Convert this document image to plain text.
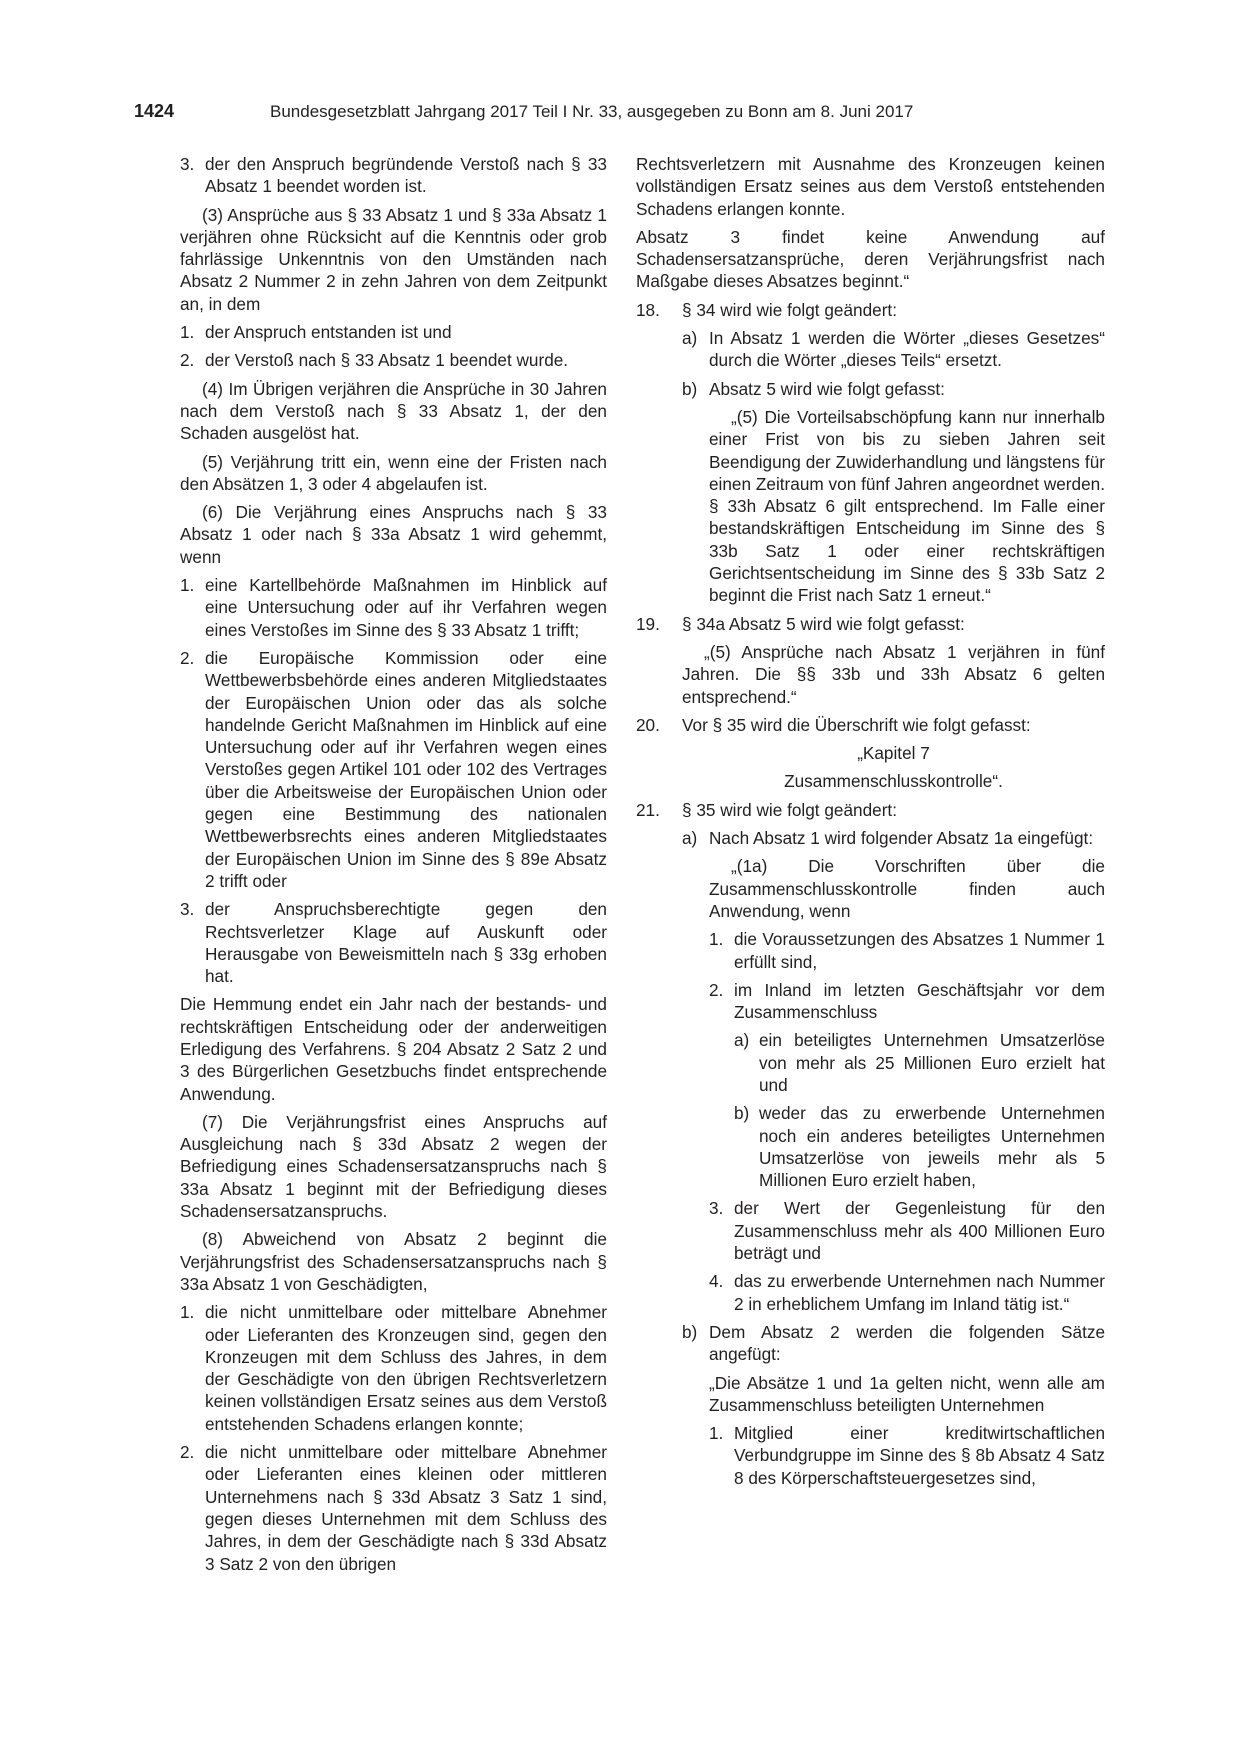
1424	Bundesgesetzblatt Jahrgang 2017 Teil I Nr. 33, ausgegeben zu Bonn am 8. Juni 2017
3. der den Anspruch begründende Verstoß nach § 33 Absatz 1 beendet worden ist.

(3) Ansprüche aus § 33 Absatz 1 und § 33a Absatz 1 verjähren ohne Rücksicht auf die Kenntnis oder grob fahrlässige Unkenntnis von den Umständen nach Absatz 2 Nummer 2 in zehn Jahren von dem Zeitpunkt an, in dem

1. der Anspruch entstanden ist und
2. der Verstoß nach § 33 Absatz 1 beendet wurde.

(4) Im Übrigen verjähren die Ansprüche in 30 Jahren nach dem Verstoß nach § 33 Absatz 1, der den Schaden ausgelöst hat.

(5) Verjährung tritt ein, wenn eine der Fristen nach den Absätzen 1, 3 oder 4 abgelaufen ist.

(6) Die Verjährung eines Anspruchs nach § 33 Absatz 1 oder nach § 33a Absatz 1 wird gehemmt, wenn

1. eine Kartellbehörde Maßnahmen im Hinblick auf eine Untersuchung oder auf ihr Verfahren wegen eines Verstoßes im Sinne des § 33 Absatz 1 trifft;
2. die Europäische Kommission oder eine Wettbewerbsbehörde eines anderen Mitgliedstaates der Europäischen Union oder das als solche handelnde Gericht Maßnahmen im Hinblick auf eine Untersuchung oder auf ihr Verfahren wegen eines Verstoßes gegen Artikel 101 oder 102 des Vertrages über die Arbeitsweise der Europäischen Union oder gegen eine Bestimmung des nationalen Wettbewerbsrechts eines anderen Mitgliedstaates der Europäischen Union im Sinne des § 89e Absatz 2 trifft oder
3. der Anspruchsberechtigte gegen den Rechtsverletzer Klage auf Auskunft oder Herausgabe von Beweismitteln nach § 33g erhoben hat.

Die Hemmung endet ein Jahr nach der bestands- und rechtskräftigen Entscheidung oder der anderweitigen Erledigung des Verfahrens. § 204 Absatz 2 Satz 2 und 3 des Bürgerlichen Gesetzbuchs findet entsprechende Anwendung.

(7) Die Verjährungsfrist eines Anspruchs auf Ausgleichung nach § 33d Absatz 2 wegen der Befriedigung eines Schadensersatzanspruchs nach § 33a Absatz 1 beginnt mit der Befriedigung dieses Schadensersatzanspruchs.

(8) Abweichend von Absatz 2 beginnt die Verjährungsfrist des Schadensersatzanspruchs nach § 33a Absatz 1 von Geschädigten,

1. die nicht unmittelbare oder mittelbare Abnehmer oder Lieferanten des Kronzeugen sind, gegen den Kronzeugen mit dem Schluss des Jahres, in dem der Geschädigte von den übrigen Rechtsverletzern keinen vollständigen Ersatz seines aus dem Verstoß entstehenden Schadens erlangen konnte;
2. die nicht unmittelbare oder mittelbare Abnehmer oder Lieferanten eines kleinen oder mittleren Unternehmens nach § 33d Absatz 3 Satz 1 sind, gegen dieses Unternehmen mit dem Schluss des Jahres, in dem der Geschädigte nach § 33d Absatz 3 Satz 2 von den übrigen

Rechtsverletzern mit Ausnahme des Kronzeugen keinen vollständigen Ersatz seines aus dem Verstoß entstehenden Schadens erlangen konnte.

Absatz 3 findet keine Anwendung auf Schadensersatzansprüche, deren Verjährungsfrist nach Maßgabe dieses Absatzes beginnt.“

18. § 34 wird wie folgt geändert:

a) In Absatz 1 werden die Wörter „dieses Gesetzes“ durch die Wörter „dieses Teils“ ersetzt.
b) Absatz 5 wird wie folgt gefasst:

„(5) Die Vorteilsabschöpfung kann nur innerhalb einer Frist von bis zu sieben Jahren seit Beendigung der Zuwiderhandlung und längstens für einen Zeitraum von fünf Jahren angeordnet werden. § 33h Absatz 6 gilt entsprechend. Im Falle einer bestandskräftigen Entscheidung im Sinne des § 33b Satz 1 oder einer rechtskräftigen Gerichtsentscheidung im Sinne des § 33b Satz 2 beginnt die Frist nach Satz 1 erneut.“

19. § 34a Absatz 5 wird wie folgt gefasst:

„(5) Ansprüche nach Absatz 1 verjähren in fünf Jahren. Die §§ 33b und 33h Absatz 6 gelten entsprechend.“

20. Vor § 35 wird die Überschrift wie folgt gefasst:

„Kapitel 7

Zusammenschlusskontrolle“.

21. § 35 wird wie folgt geändert:

a) Nach Absatz 1 wird folgender Absatz 1a eingefügt:

„(1a) Die Vorschriften über die Zusammenschlusskontrolle finden auch Anwendung, wenn

1. die Voraussetzungen des Absatzes 1 Nummer 1 erfüllt sind,
2. im Inland im letzten Geschäftsjahr vor dem Zusammenschluss
a) ein beteiligtes Unternehmen Umsatzerlöse von mehr als 25 Millionen Euro erzielt hat und
b) weder das zu erwerbende Unternehmen noch ein anderes beteiligtes Unternehmen Umsatzerlöse von jeweils mehr als 5 Millionen Euro erzielt haben,
3. der Wert der Gegenleistung für den Zusammenschluss mehr als 400 Millionen Euro beträgt und
4. das zu erwerbende Unternehmen nach Nummer 2 in erheblichem Umfang im Inland tätig ist.“
b) Dem Absatz 2 werden die folgenden Sätze angefügt:

„Die Absätze 1 und 1a gelten nicht, wenn alle am Zusammenschluss beteiligten Unternehmen

1. Mitglied einer kreditwirtschaftlichen Verbundgruppe im Sinne des § 8b Absatz 4 Satz 8 des Körperschaftsteuergesetzes sind,
